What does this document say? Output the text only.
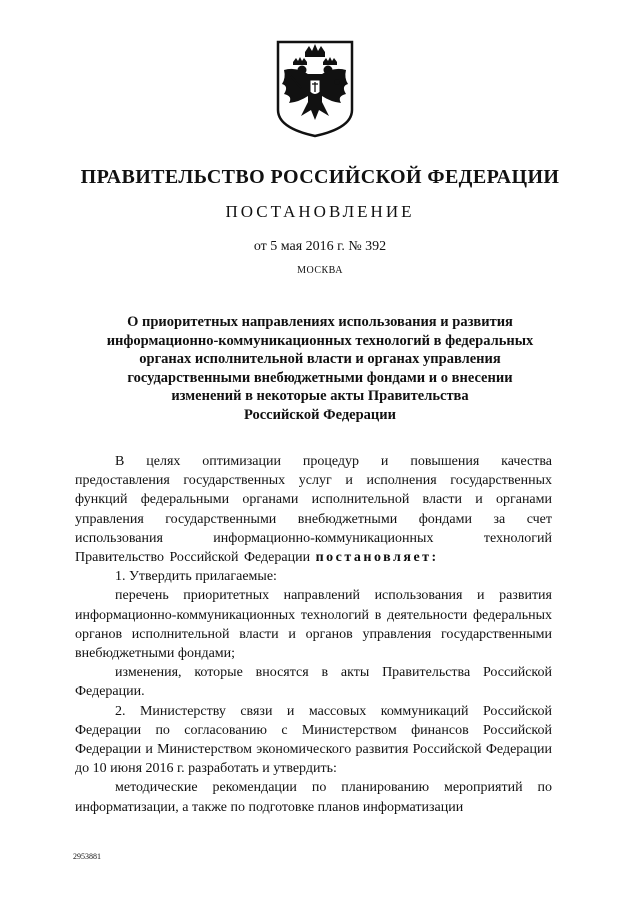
ПРАВИТЕЛЬСТВО РОССИЙСКОЙ ФЕДЕРАЦИИ
ПОСТАНОВЛЕНИЕ
от 5 мая 2016 г. № 392
МОСКВА
О приоритетных направлениях использования и развития
информационно-коммуникационных технологий в федеральных
органах исполнительной власти и органах управления
государственными внебюджетными фондами и о внесении
изменений в некоторые акты Правительства
Российской Федерации

В целях оптимизации процедур и повышения качества предоставления государственных услуг и исполнения государственных функций федеральными органами исполнительной власти и органами управления государственными внебюджетными фондами за счет использования информационно-коммуникационных технологий Правительство Российской Федерации постановляет:

1. Утвердить прилагаемые:

перечень приоритетных направлений использования и развития информационно-коммуникационных технологий в деятельности федеральных органов исполнительной власти и органов управления государственными внебюджетными фондами;

изменения, которые вносятся в акты Правительства Российской Федерации.

2. Министерству связи и массовых коммуникаций Российской Федерации по согласованию с Министерством финансов Российской Федерации и Министерством экономического развития Российской Федерации до 10 июня 2016 г. разработать и утвердить:

методические рекомендации по планированию мероприятий по информатизации, а также по подготовке планов информатизации

2953881
